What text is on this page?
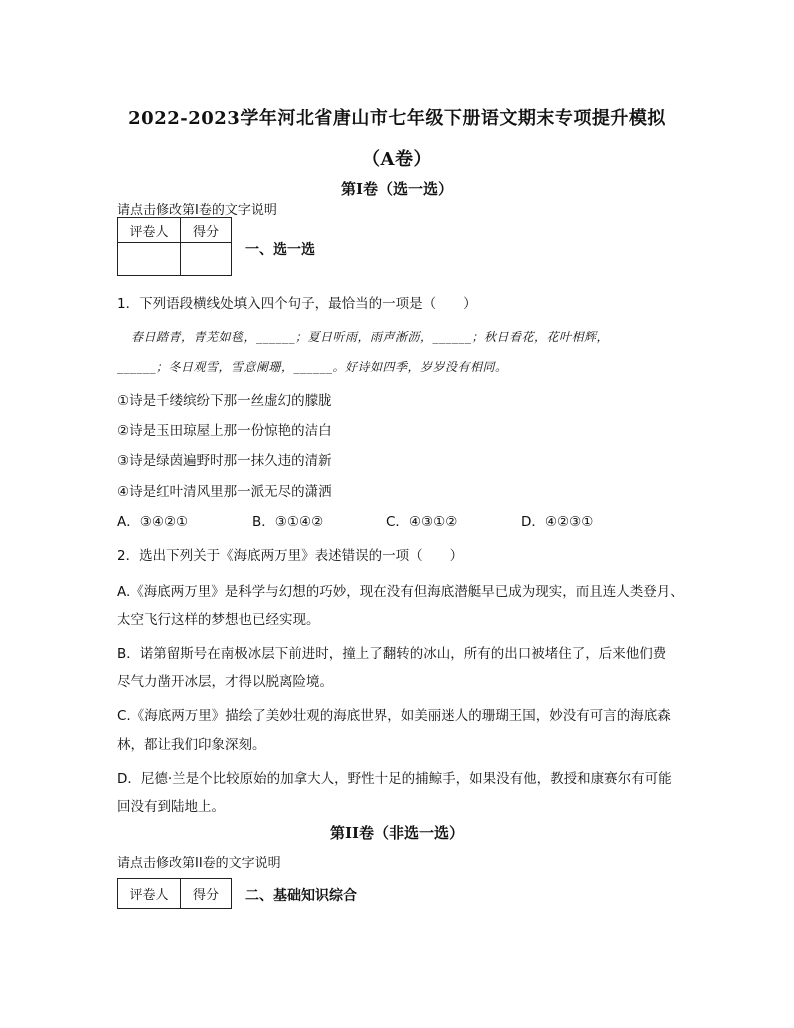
2022-2023学年河北省唐山市七年级下册语文期末专项提升模拟
（A卷）
第I卷（选一选）
请点击修改第I卷的文字说明
评卷人	得分

一、选一选
1．下列语段横线处填入四个句子，最恰当的一项是（　　）
春日踏青，青芜如毯，______；夏日听雨，雨声淅沥，______；秋日看花，花叶相辉，
______；冬日观雪，雪意阑珊，______。好诗如四季，岁岁没有相同。
①诗是千缕缤纷下那一丝虚幻的朦胧
②诗是玉田琼屋上那一份惊艳的洁白
③诗是绿茵遍野时那一抹久违的清新
④诗是红叶清风里那一派无尽的潇洒
A．③④②①	B．③①④②	C．④③①②	D．④②③①
2．选出下列关于《海底两万里》表述错误的一项（　　）
A.《海底两万里》是科学与幻想的巧妙，现在没有但海底潜艇早已成为现实，而且连人类登月、
太空飞行这样的梦想也已经实现。
B．诺第留斯号在南极冰层下前进时，撞上了翻转的冰山，所有的出口被堵住了，后来他们费
尽气力凿开冰层，才得以脱离险境。
C.《海底两万里》描绘了美妙壮观的海底世界，如美丽迷人的珊瑚王国，妙没有可言的海底森
林，都让我们印象深刻。
D．尼德·兰是个比较原始的加拿大人，野性十足的捕鲸手，如果没有他，教授和康赛尔有可能
回没有到陆地上。
第II卷（非选一选）
请点击修改第II卷的文字说明
评卷人	得分 二、基础知识综合
